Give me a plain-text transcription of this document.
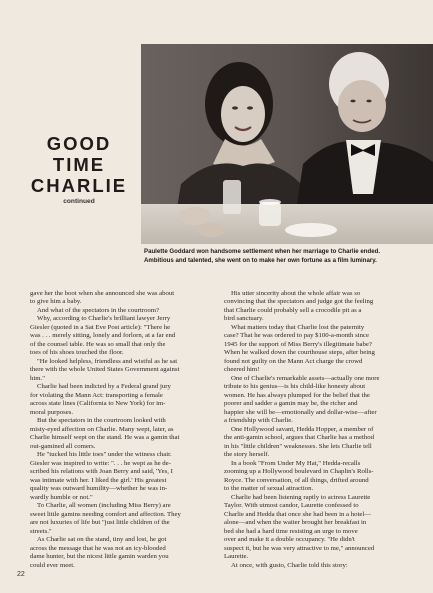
GOOD
TIME
CHARLIE
continued
Paulette Goddard won handsome settlement when her marriage to Charlie ended.
Ambitious and talented, she went on to make her own fortune as a film luminary.
gave her the boot when she announced she was about
to give him a baby.
And what of the spectators in the courtroom?
Why, according to Charlie's brilliant lawyer Jerry
Giesler (quoted in a Sat Eve Post article): "There he
was . . . merely sitting, lonely and forlorn, at a far end
of the counsel table. He was so small that only the
toes of his shoes touched the floor.
"He looked helpless, friendless and wistful as he sat
there with the whole United States Government against
him."
Charlie had been indicted by a Federal grand jury
for violating the Mann Act: transporting a female
across state lines (California to New York) for im-
moral purposes.
But the spectators in the courtroom looked with
misty-eyed affection on Charlie. Many wept, later, as
Charlie himself wept on the stand. He was a gamin that
out-gamined all comers.
He "tucked his little toes" under the witness chair.
Giesler was inspired to write: ". . . he wept as he de-
scribed his relations with Joan Berry and said, 'Yes, I
was intimate with her. I liked the girl.' His greatest
quality was outward humility—whether he was in-
wardly humble or not."
To Charlie, all women (including Miss Berry) are
sweet little gamins needing comfort and affection. They
are not luxuries of life but "just little children of the
streets."
As Charlie sat on the stand, tiny and lost, he got
across the message that he was not an icy-blooded
dame hunter, but the nicest little gamin warden you
could ever meet.
His utter sincerity about the whole affair was so
convincing that the spectators and judge got the feeling
that Charlie could probably sell a crocodile pit as a
bird sanctuary.
What matters today that Charlie lost the paternity
case? That he was ordered to pay $100-a-month since
1945 for the support of Miss Berry's illegitimate babe?
When he walked down the courthouse steps, after being
found not guilty on the Mann Act charge the crowd
cheered him!
One of Charlie's remarkable assets—actually one more
tribute to his genius—is his child-like honesty about
women. He has always plumped for the belief that the
poorer and sadder a gamin may be, the richer and
happier she will be—emotionally and dollar-wise—after
a friendship with Charlie.
One Hollywood savant, Hedda Hopper, a member of
the anti-gamin school, argues that Charlie has a method
in his "little children" weaknesses. She lets Charlie tell
the story herself.
In a book "From Under My Hat," Hedda-recalls
zooming up a Hollywood boulevard in Chaplin's Rolls-
Royce. The conversation, of all things, drifted around
to the matter of sexual attraction.
Charlie had been listening raptly to actress Laurette
Taylor. With utmost candor, Laurette confessed to
Charlie and Hedda that once she had been in a hotel—
alone—and when the waiter brought her breakfast in
bed she had a hard time resisting an urge to move
over and make it a double occupancy. "He didn't
suspect it, but he was very attractive to me," announced
Laurette.
At once, with gusto, Charlie told this story:
22
